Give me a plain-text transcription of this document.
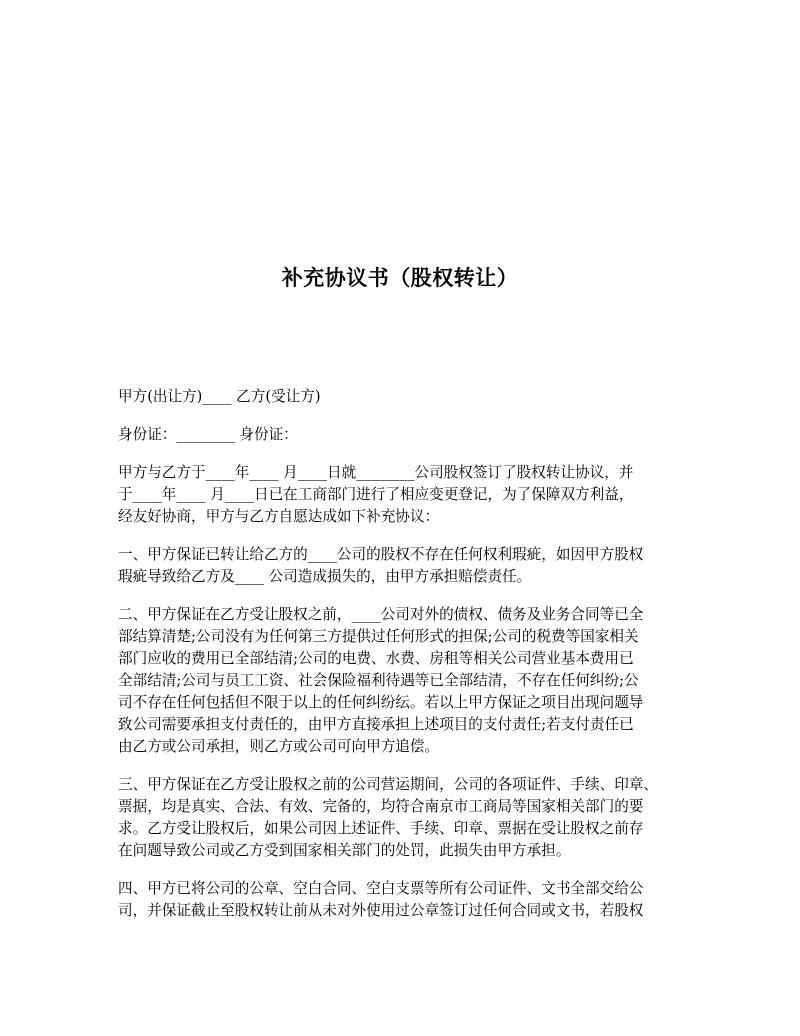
补充协议书（股权转让）

甲方(出让方)____ 乙方(受让方)

身份证：________ 身份证：

甲方与乙方于____年____ 月____日就________公司股权签订了股权转让协议，并
于____年____ 月____日已在工商部门进行了相应变更登记，为了保障双方利益，
经友好协商，甲方与乙方自愿达成如下补充协议：

一、甲方保证已转让给乙方的____公司的股权不存在任何权利瑕疵，如因甲方股权
瑕疵导致给乙方及____ 公司造成损失的，由甲方承担赔偿责任。

二、甲方保证在乙方受让股权之前，____公司对外的债权、债务及业务合同等已全
部结算清楚;公司没有为任何第三方提供过任何形式的担保;公司的税费等国家相关
部门应收的费用已全部结清;公司的电费、水费、房租等相关公司营业基本费用已
全部结清;公司与员工工资、社会保险福利待遇等已全部结清，不存在任何纠纷;公
司不存在任何包括但不限于以上的任何纠纷纭。若以上甲方保证之项目出现问题导
致公司需要承担支付责任的，由甲方直接承担上述项目的支付责任;若支付责任已
由乙方或公司承担，则乙方或公司可向甲方追偿。

三、甲方保证在乙方受让股权之前的公司营运期间，公司的各项证件、手续、印章、
票据，均是真实、合法、有效、完备的，均符合南京市工商局等国家相关部门的要
求。乙方受让股权后，如果公司因上述证件、手续、印章、票据在受让股权之前存
在问题导致公司或乙方受到国家相关部门的处罚，此损失由甲方承担。

四、甲方已将公司的公章、空白合同、空白支票等所有公司证件、文书全部交给公
司，并保证截止至股权转让前从未对外使用过公章签订过任何合同或文书，若股权
